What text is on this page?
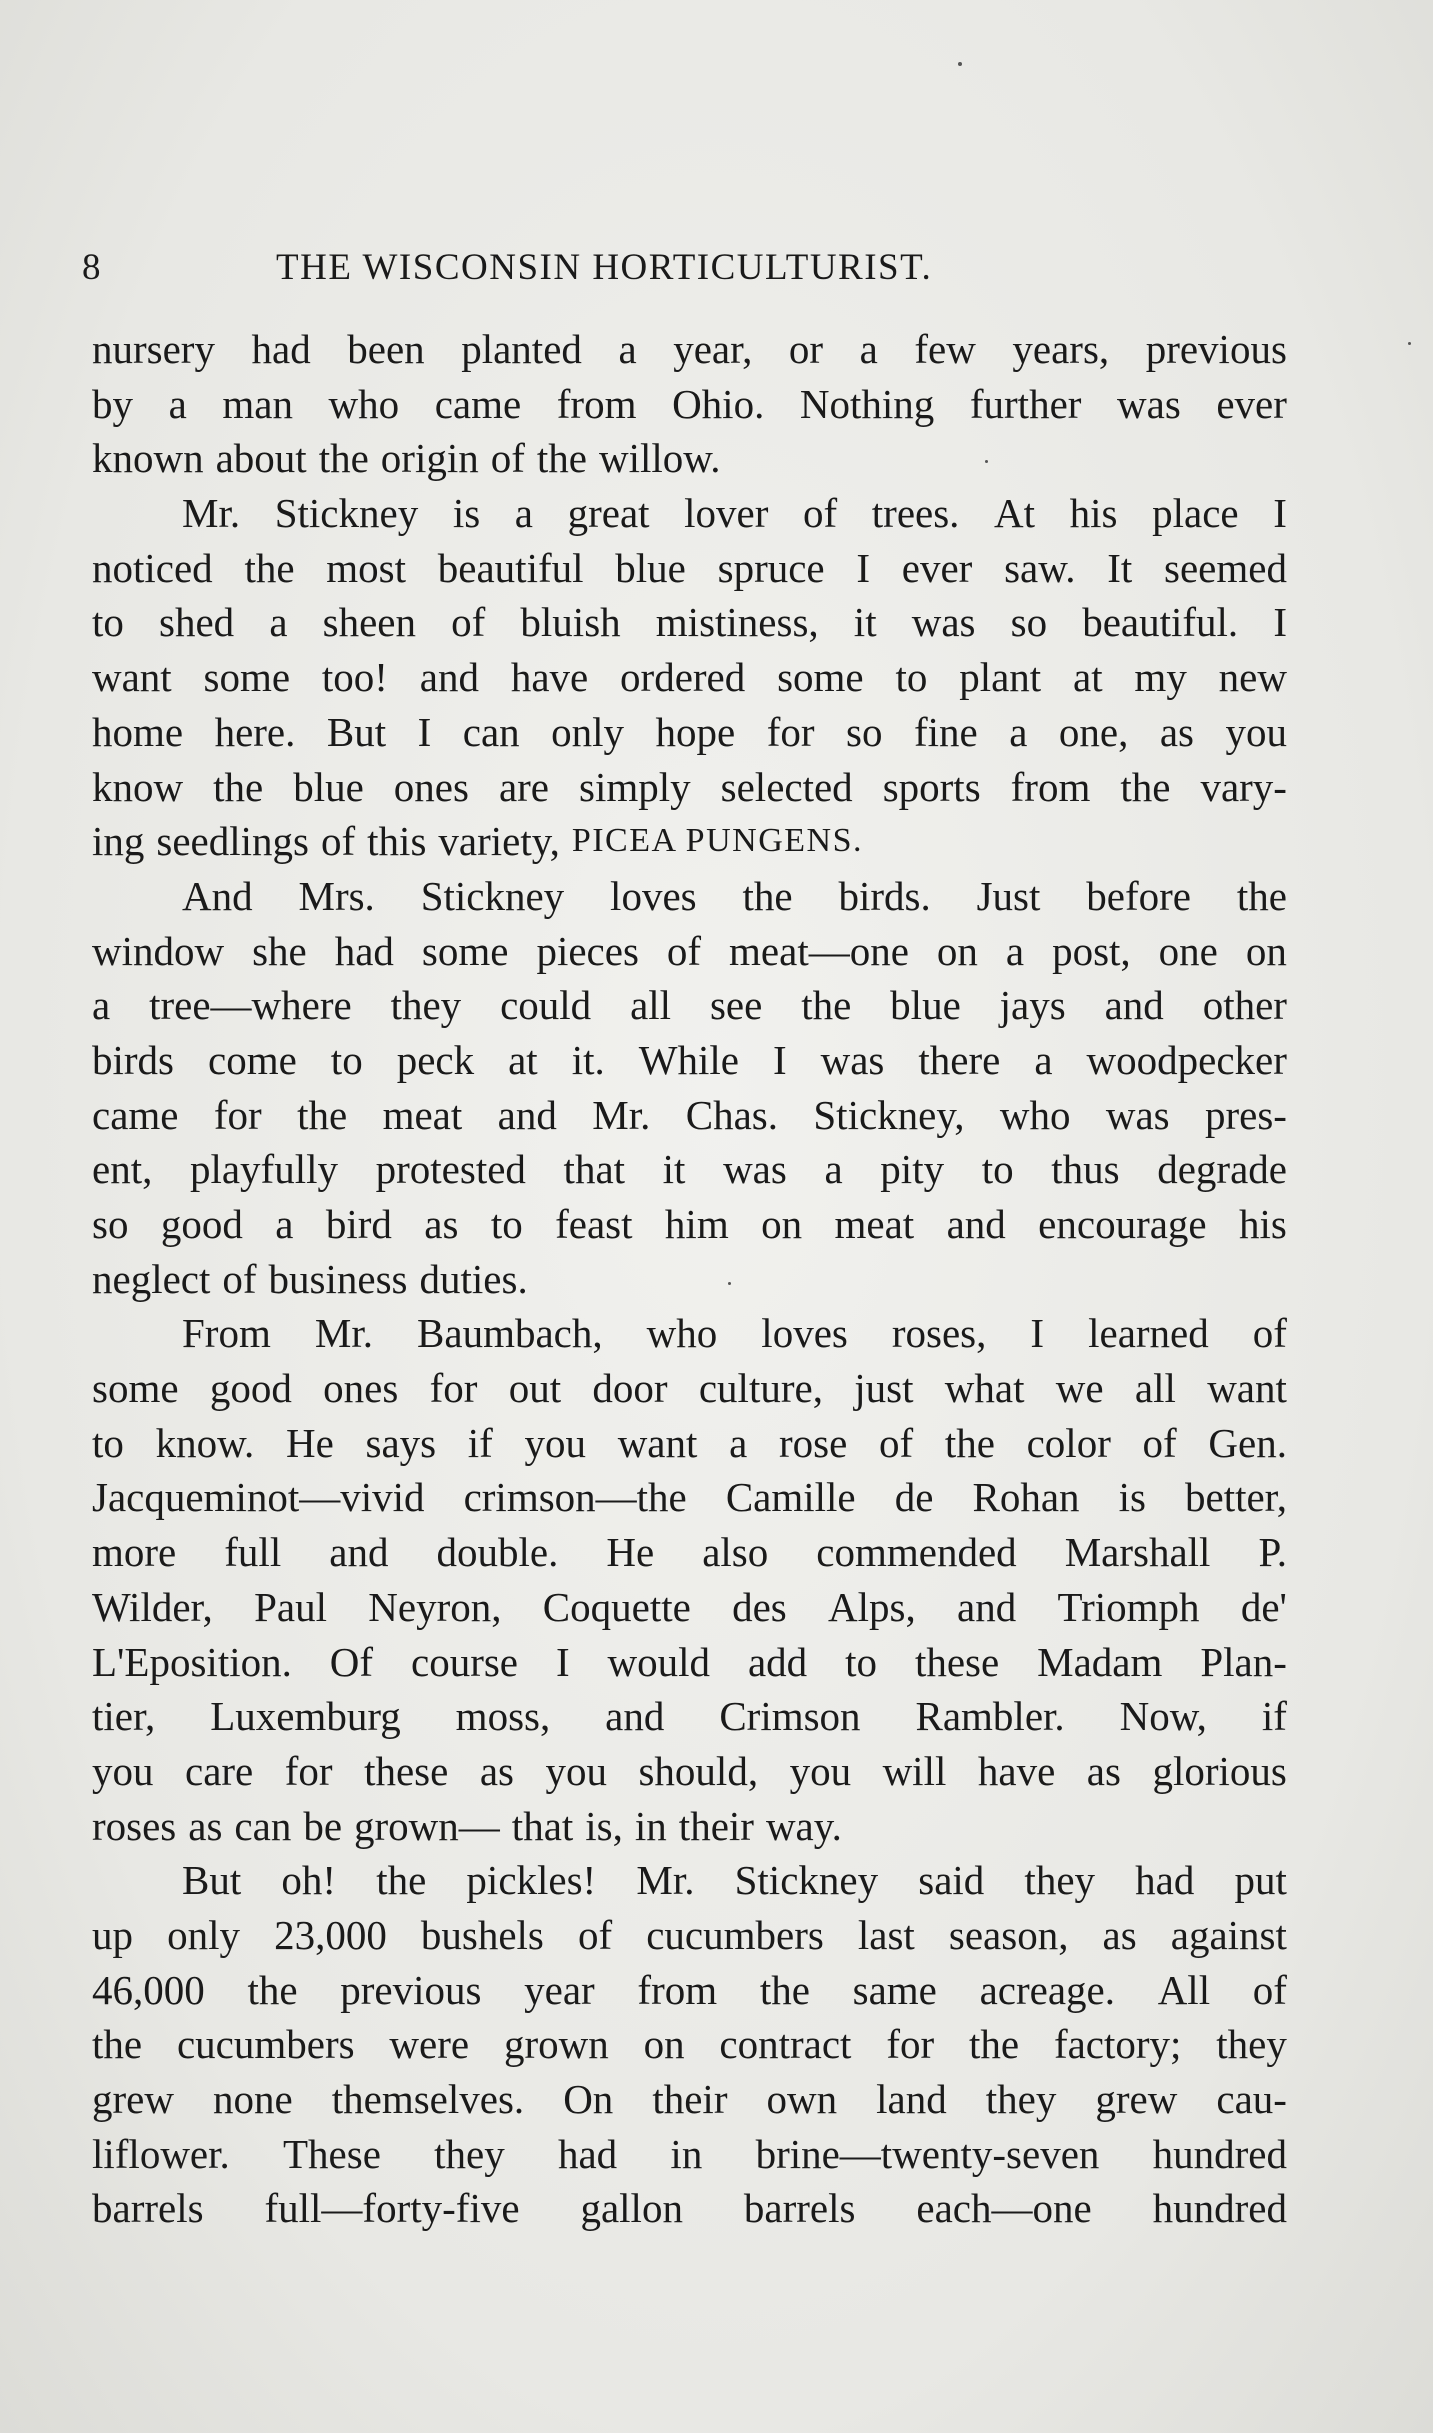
8	THE WISCONSIN HORTICULTURIST.
nursery had been planted a year, or a few years, previous
by a man who came from Ohio. Nothing further was ever
known about the origin of the willow.
Mr. Stickney is a great lover of trees. At his place I
noticed the most beautiful blue spruce I ever saw. It seemed
to shed a sheen of bluish mistiness, it was so beautiful. I
want some too! and have ordered some to plant at my new
home here. But I can only hope for so fine a one, as you
know the blue ones are simply selected sports from the vary-
ing seedlings of this variety, PICEA PUNGENS.
And Mrs. Stickney loves the birds. Just before the
window she had some pieces of meat—one on a post, one on
a tree—where they could all see the blue jays and other
birds come to peck at it. While I was there a woodpecker
came for the meat and Mr. Chas. Stickney, who was pres-
ent, playfully protested that it was a pity to thus degrade
so good a bird as to feast him on meat and encourage his
neglect of business duties.
From Mr. Baumbach, who loves roses, I learned of
some good ones for out door culture, just what we all want
to know. He says if you want a rose of the color of Gen.
Jacqueminot—vivid crimson—the Camille de Rohan is better,
more full and double. He also commended Marshall P.
Wilder, Paul Neyron, Coquette des Alps, and Triomph de'
L'Eposition. Of course I would add to these Madam Plan-
tier, Luxemburg moss, and Crimson Rambler. Now, if
you care for these as you should, you will have as glorious
roses as can be grown— that is, in their way.
But oh! the pickles! Mr. Stickney said they had put
up only 23,000 bushels of cucumbers last season, as against
46,000 the previous year from the same acreage. All of
the cucumbers were grown on contract for the factory; they
grew none themselves. On their own land they grew cau-
liflower. These they had in brine—twenty-seven hundred
barrels full—forty-five gallon barrels each—one hundred
